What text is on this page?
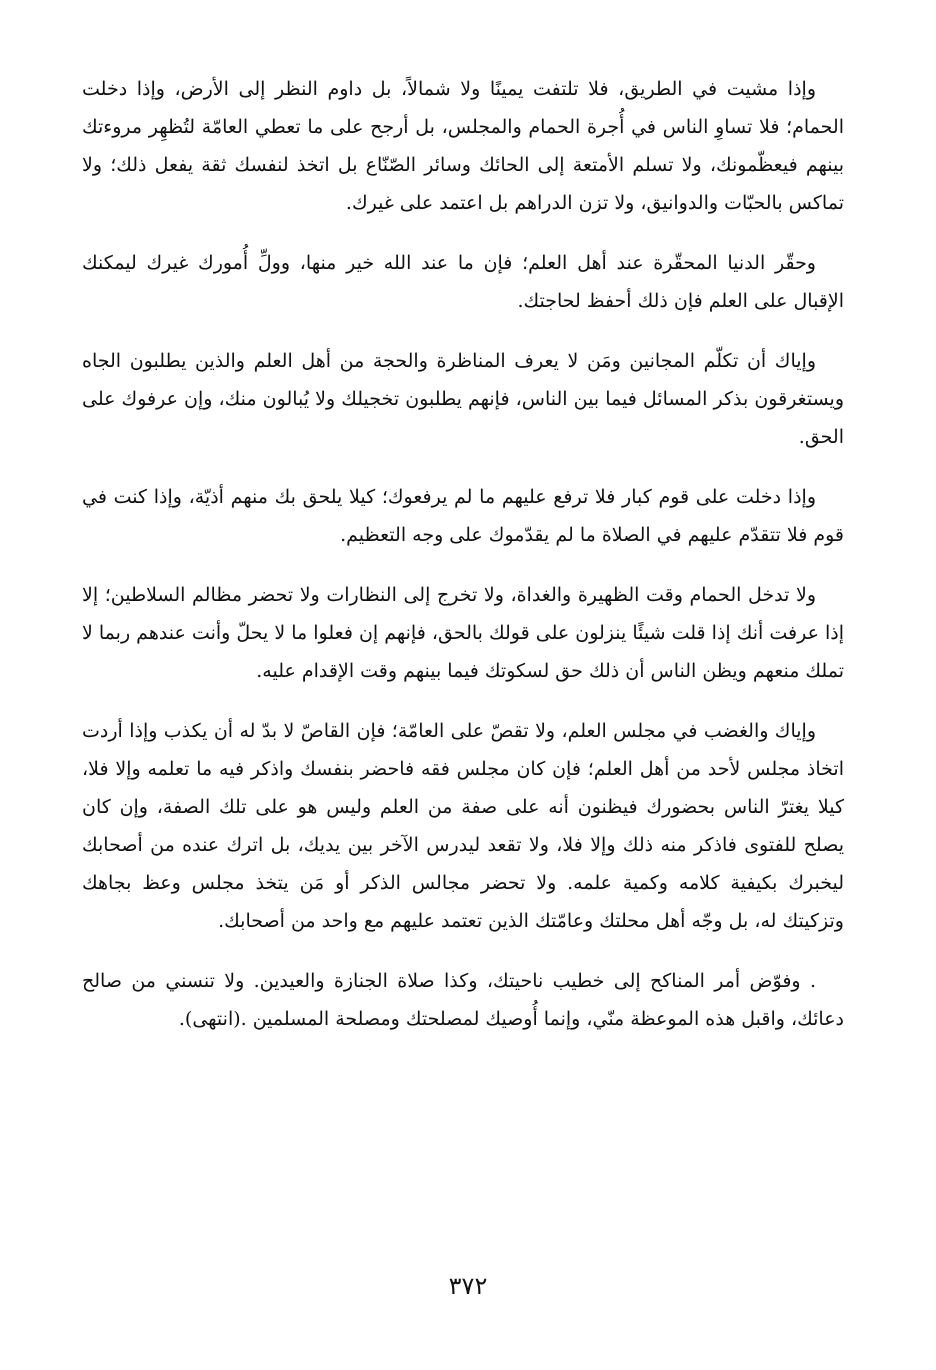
وإذا مشيت في الطريق، فلا تلتفت يمينًا ولا شمالاً، بل داوم النظر إلى الأرض، وإذا دخلت الحمام؛ فلا تساوِ الناس في أُجرة الحمام والمجلس، بل أرجح على ما تعطي العامّة لتُظهِر مروءتك بينهم فيعظّمونك، ولا تسلم الأمتعة إلى الحائك وسائر الصّنّاع بل اتخذ لنفسك ثقة يفعل ذلك؛ ولا تماكس بالحبّات والدوانيق، ولا تزن الدراهم بل اعتمد على غيرك.

وحقّر الدنيا المحقّرة عند أهل العلم؛ فإن ما عند الله خير منها، وولِّ أُمورك غيرك ليمكنك الإقبال على العلم فإن ذلك أحفظ لحاجتك.

وإياك أن تكلّم المجانين ومَن لا يعرف المناظرة والحجة من أهل العلم والذين يطلبون الجاه ويستغرقون بذكر المسائل فيما بين الناس، فإنهم يطلبون تخجيلك ولا يُبالون منك، وإن عرفوك على الحق.

وإذا دخلت على قوم كبار فلا ترفع عليهم ما لم يرفعوك؛ كيلا يلحق بك منهم أذيّة، وإذا كنت في قوم فلا تتقدّم عليهم في الصلاة ما لم يقدّموك على وجه التعظيم.

ولا تدخل الحمام وقت الظهيرة والغداة، ولا تخرج إلى النظارات ولا تحضر مظالم السلاطين؛ إلا إذا عرفت أنك إذا قلت شيئًا ينزلون على قولك بالحق، فإنهم إن فعلوا ما لا يحلّ وأنت عندهم ربما لا تملك منعهم ويظن الناس أن ذلك حق لسكوتك فيما بينهم وقت الإقدام عليه.

وإياك والغضب في مجلس العلم، ولا تقصّ على العامّة؛ فإن القاصّ لا بدّ له أن يكذب وإذا أردت اتخاذ مجلس لأحد من أهل العلم؛ فإن كان مجلس فقه فاحضر بنفسك واذكر فيه ما تعلمه وإلا فلا، كيلا يغترّ الناس بحضورك فيظنون أنه على صفة من العلم وليس هو على تلك الصفة، وإن كان يصلح للفتوى فاذكر منه ذلك وإلا فلا، ولا تقعد ليدرس الآخر بين يديك، بل اترك عنده من أصحابك ليخبرك بكيفية كلامه وكمية علمه. ولا تحضر مجالس الذكر أو مَن يتخذ مجلس وعظ بجاهك وتزكيتك له، بل وجّه أهل محلتك وعامّتك الذين تعتمد عليهم مع واحد من أصحابك.

. وفوّض أمر المناكح إلى خطيب ناحيتك، وكذا صلاة الجنازة والعيدين. ولا تنسني من صالح دعائك، واقبل هذه الموعظة منّي، وإنما أُوصيك لمصلحتك ومصلحة المسلمين .(انتهى).

٣٧٢
